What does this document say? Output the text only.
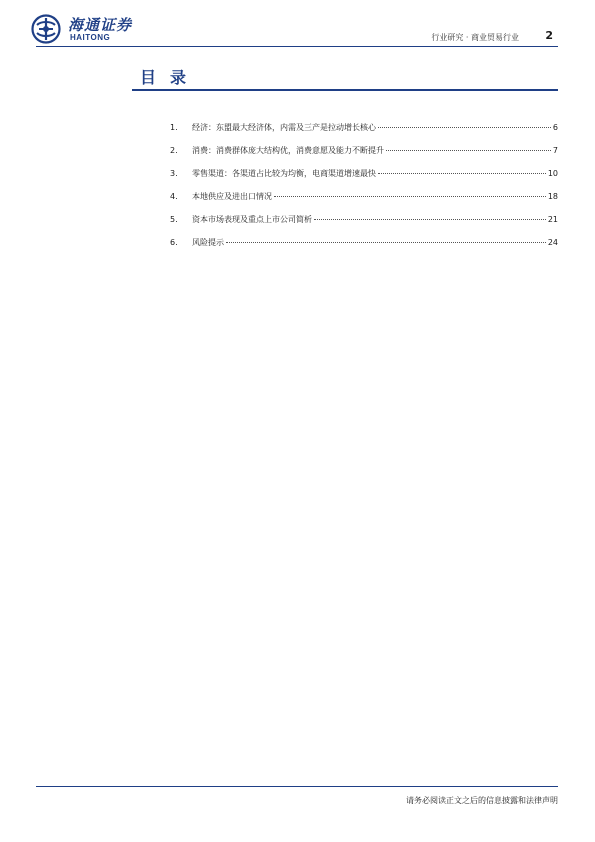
海通证券
HAITONG	行业研究 · 商业贸易行业 2
目录
1.	经济：东盟最大经济体，内需及三产是拉动增长核心	6
2.	消费：消费群体庞大结构优，消费意愿及能力不断提升	7
3.	零售渠道：各渠道占比较为均衡，电商渠道增速最快	10
4.	本地供应及进出口情况	18
5.	资本市场表现及重点上市公司简析	21
6.	风险提示	24
请务必阅读正文之后的信息披露和法律声明
